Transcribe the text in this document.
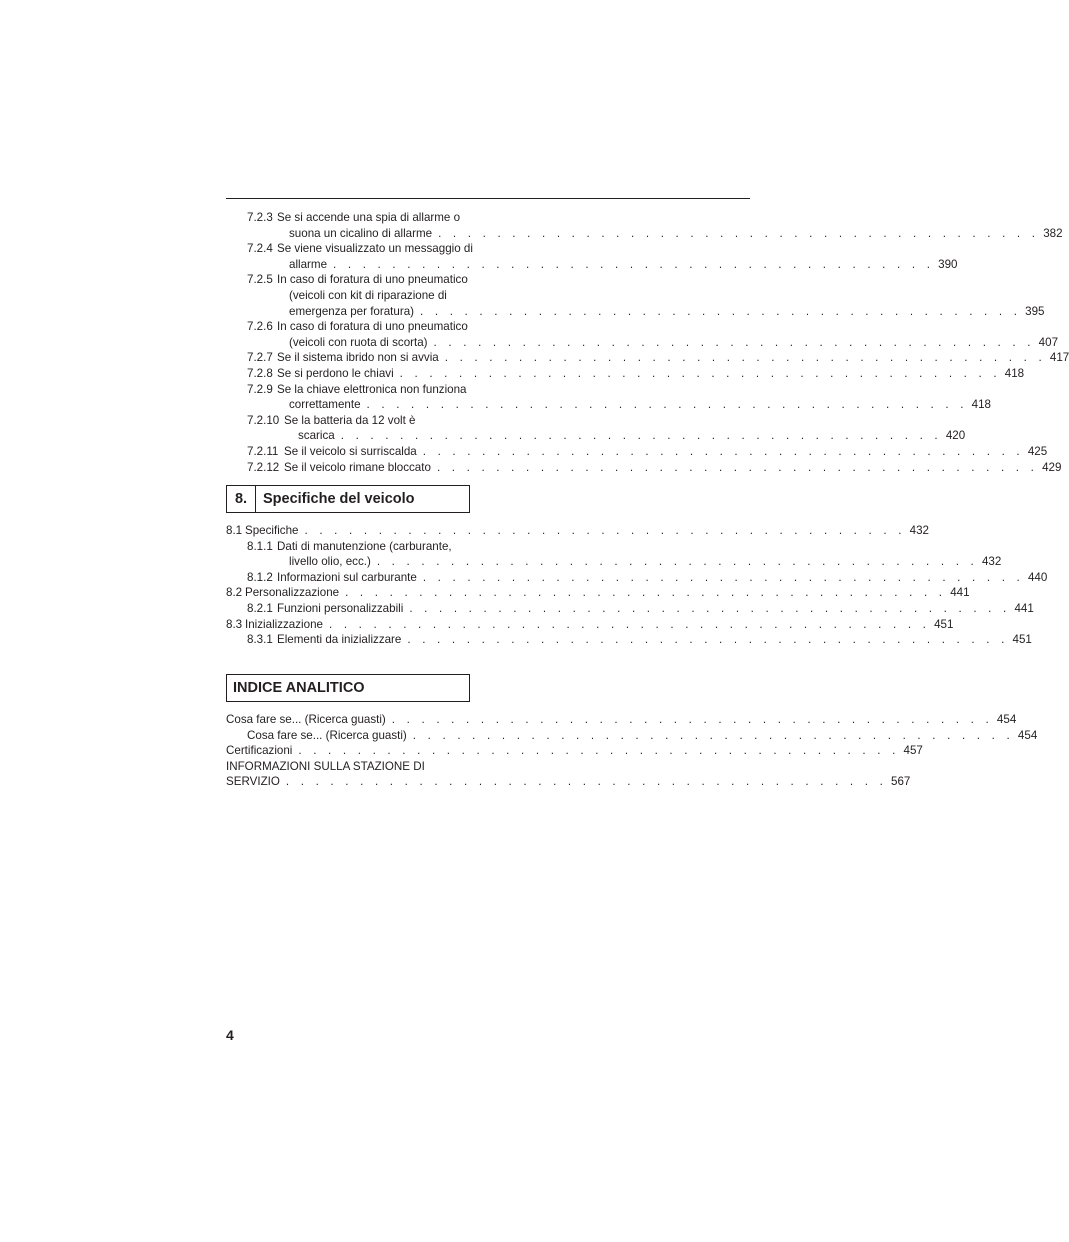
7.2.3 Se si accende una spia di allarme o
suona un cicalino di allarme . . . . . . . . . . . . . . . . . . . . . . . . . . . . . . . . . . . . . . . . . 382
7.2.4 Se viene visualizzato un messaggio di
allarme . . . . . . . . . . . . . . . . . . . . . . . . . . . . . . . . . . . . . . . . . 390
7.2.5 In caso di foratura di uno pneumatico
(veicoli con kit di riparazione di
emergenza per foratura) . . . . . . . . . . . . . . . . . . . . . . . . . . . . . . . . . . . . . . . . . 395
7.2.6 In caso di foratura di uno pneumatico
(veicoli con ruota di scorta) . . . . . . . . . . . . . . . . . . . . . . . . . . . . . . . . . . . . . . . . . 407
7.2.7 Se il sistema ibrido non si avvia . . . . . . . . . . . . . . . . . . . . . . . . . . . . . . . . . . . . . . . . . 417
7.2.8 Se si perdono le chiavi . . . . . . . . . . . . . . . . . . . . . . . . . . . . . . . . . . . . . . . . . 418
7.2.9 Se la chiave elettronica non funziona
correttamente . . . . . . . . . . . . . . . . . . . . . . . . . . . . . . . . . . . . . . . . . 418
7.2.10 Se la batteria da 12 volt è
scarica . . . . . . . . . . . . . . . . . . . . . . . . . . . . . . . . . . . . . . . . . 420
7.2.11 Se il veicolo si surriscalda . . . . . . . . . . . . . . . . . . . . . . . . . . . . . . . . . . . . . . . . . 425
7.2.12 Se il veicolo rimane bloccato . . . . . . . . . . . . . . . . . . . . . . . . . . . . . . . . . . . . . . . . . 429
8.	Specifiche del veicolo
8.1 Specifiche . . . . . . . . . . . . . . . . . . . . . . . . . . . . . . . . . . . . . . . . . 432
8.1.1 Dati di manutenzione (carburante,
livello olio, ecc.) . . . . . . . . . . . . . . . . . . . . . . . . . . . . . . . . . . . . . . . . . 432
8.1.2 Informazioni sul carburante . . . . . . . . . . . . . . . . . . . . . . . . . . . . . . . . . . . . . . . . . 440
8.2 Personalizzazione . . . . . . . . . . . . . . . . . . . . . . . . . . . . . . . . . . . . . . . . . 441
8.2.1 Funzioni personalizzabili . . . . . . . . . . . . . . . . . . . . . . . . . . . . . . . . . . . . . . . . . 441
8.3 Inizializzazione . . . . . . . . . . . . . . . . . . . . . . . . . . . . . . . . . . . . . . . . . 451
8.3.1 Elementi da inizializzare . . . . . . . . . . . . . . . . . . . . . . . . . . . . . . . . . . . . . . . . . 451
INDICE ANALITICO
Cosa fare se... (Ricerca guasti) . . . . . . . . . . . . . . . . . . . . . . . . . . . . . . . . . . . . . . . . . 454
Cosa fare se... (Ricerca guasti) . . . . . . . . . . . . . . . . . . . . . . . . . . . . . . . . . . . . . . . . . 454
Certificazioni . . . . . . . . . . . . . . . . . . . . . . . . . . . . . . . . . . . . . . . . . 457
INFORMAZIONI SULLA STAZIONE DI
SERVIZIO . . . . . . . . . . . . . . . . . . . . . . . . . . . . . . . . . . . . . . . . . 567
4
